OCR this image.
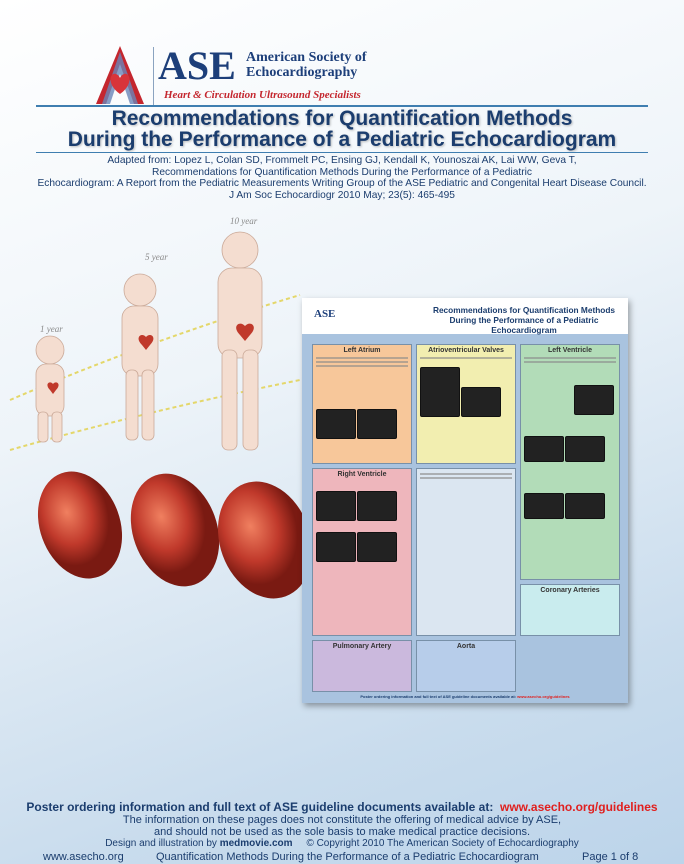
ASE American Society of
Echocardiography
Heart & Circulation Ultrasound Specialists
Recommendations for Quantification Methods
During the Performance of a Pediatric Echocardiogram
Adapted from: Lopez L, Colan SD, Frommelt PC, Ensing GJ, Kendall K, Younoszai AK, Lai WW, Geva T,
Recommendations for Quantification Methods During the Performance of a Pediatric
Echocardiogram: A Report from the Pediatric Measurements Writing Group of the ASE Pediatric and Congenital Heart Disease Council.
J Am Soc Echocardiogr 2010 May; 23(5): 465-495
1 year
5 year
10 year
ASE	Recommendations for Quantification Methods
During the Performance of a Pediatric Echocardiogram
Left Atrium
	Atrioventricular Valves
	Left Ventricle

Right Ventricle

Coronary Arteries
Pulmonary Artery	Aorta
Poster ordering information and full text of ASE guideline documents available at: www.asecho.org/guidelines
Poster ordering information and full text of ASE guideline documents available at: www.asecho.org/guidelines
The information on these pages does not constitute the offering of medical advice by ASE,
and should not be used as the sole basis to make medical practice decisions.
Design and illustration by medmovie.com © Copyright 2010 The American Society of Echocardiography
www.asecho.org	Quantification Methods During the Performance of a Pediatric Echocardiogram	Page 1 of 8
